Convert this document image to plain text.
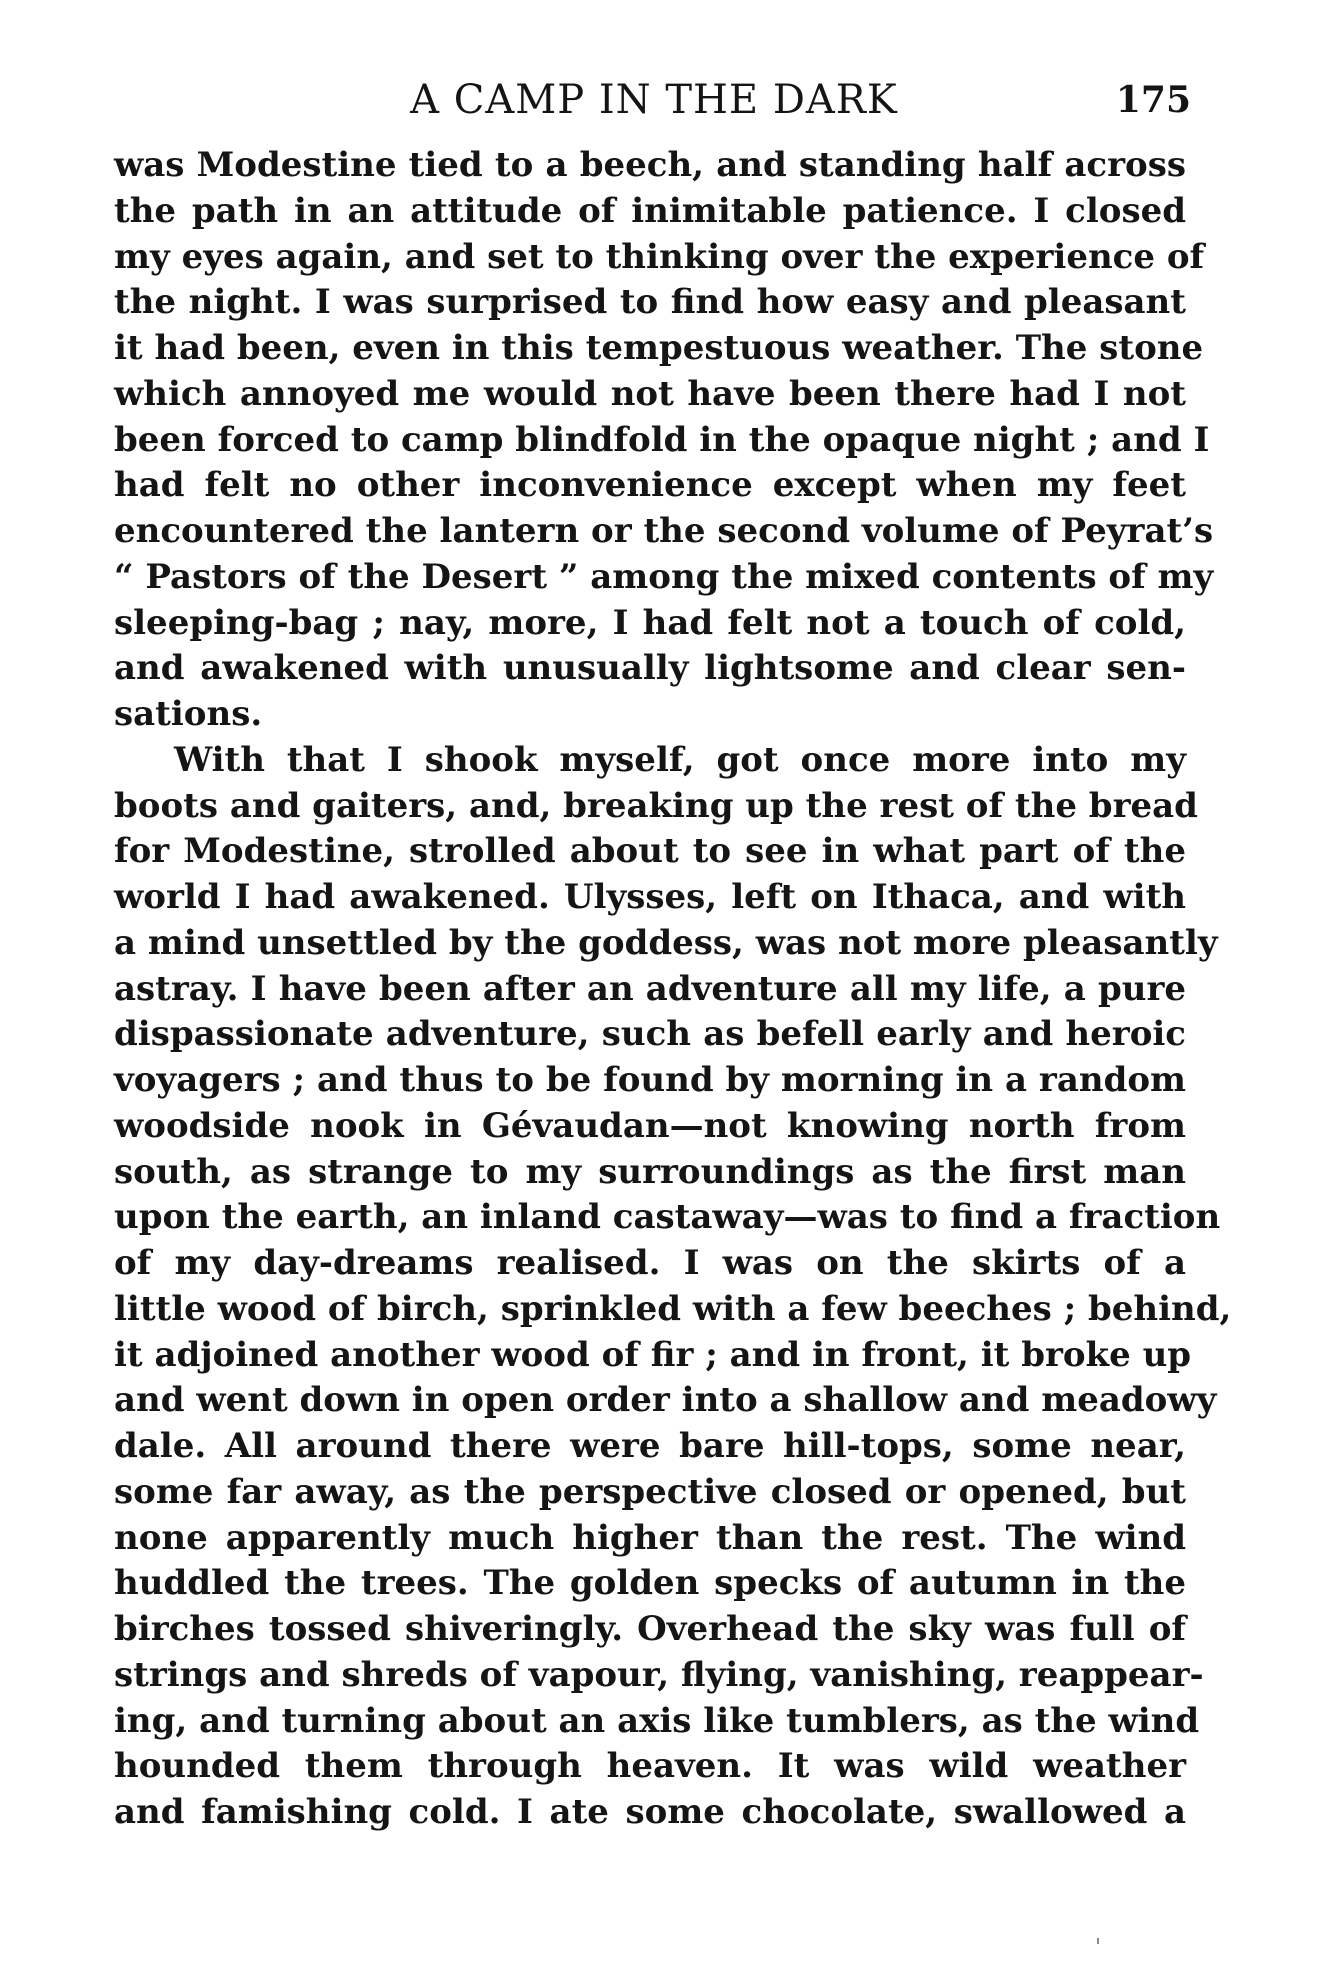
A CAMP IN THE DARK	175
was Modestine tied to a beech, and standing half across
the path in an attitude of inimitable patience. I closed
my eyes again, and set to thinking over the experience of
the night. I was surprised to find how easy and pleasant
it had been, even in this tempestuous weather. The stone
which annoyed me would not have been there had I not
been forced to camp blindfold in the opaque night ; and I
had felt no other inconvenience except when my feet
encountered the lantern or the second volume of Peyrat’s
“ Pastors of the Desert ” among the mixed contents of my
sleeping-bag ; nay, more, I had felt not a touch of cold,
and awakened with unusually lightsome and clear sen-
sations.
With that I shook myself, got once more into my
boots and gaiters, and, breaking up the rest of the bread
for Modestine, strolled about to see in what part of the
world I had awakened. Ulysses, left on Ithaca, and with
a mind unsettled by the goddess, was not more pleasantly
astray. I have been after an adventure all my life, a pure
dispassionate adventure, such as befell early and heroic
voyagers ; and thus to be found by morning in a random
woodside nook in Gévaudan—not knowing north from
south, as strange to my surroundings as the first man
upon the earth, an inland castaway—was to find a fraction
of my day-dreams realised. I was on the skirts of a
little wood of birch, sprinkled with a few beeches ; behind,
it adjoined another wood of fir ; and in front, it broke up
and went down in open order into a shallow and meadowy
dale. All around there were bare hill-tops, some near,
some far away, as the perspective closed or opened, but
none apparently much higher than the rest. The wind
huddled the trees. The golden specks of autumn in the
birches tossed shiveringly. Overhead the sky was full of
strings and shreds of vapour, flying, vanishing, reappear-
ing, and turning about an axis like tumblers, as the wind
hounded them through heaven. It was wild weather
and famishing cold. I ate some chocolate, swallowed a
